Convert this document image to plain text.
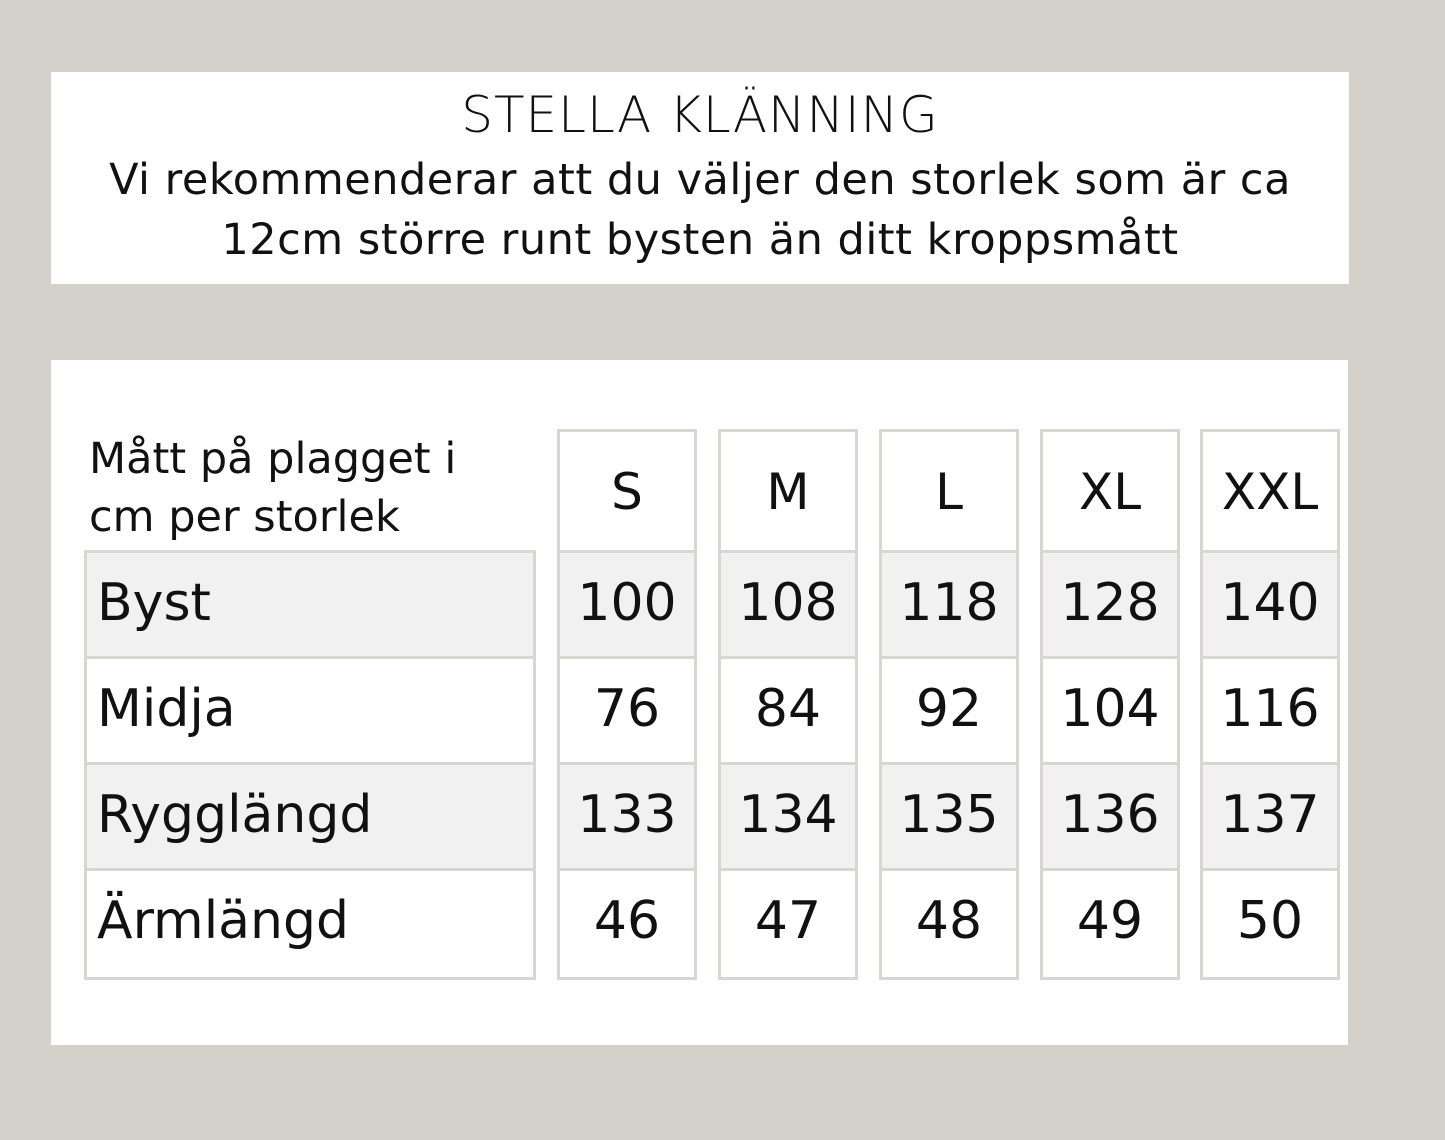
STELLA KLÄNNING
Vi rekommenderar att du väljer den storlek som är ca
12cm större runt bysten än ditt kroppsmått
Mått på plagget i
cm per storlek
Byst
Midja
Rygglängd
Ärmlängd
S
100
76
133
46
M
108
84
134
47
L
118
92
135
48
XL
128
104
136
49
XXL
140
116
137
50
